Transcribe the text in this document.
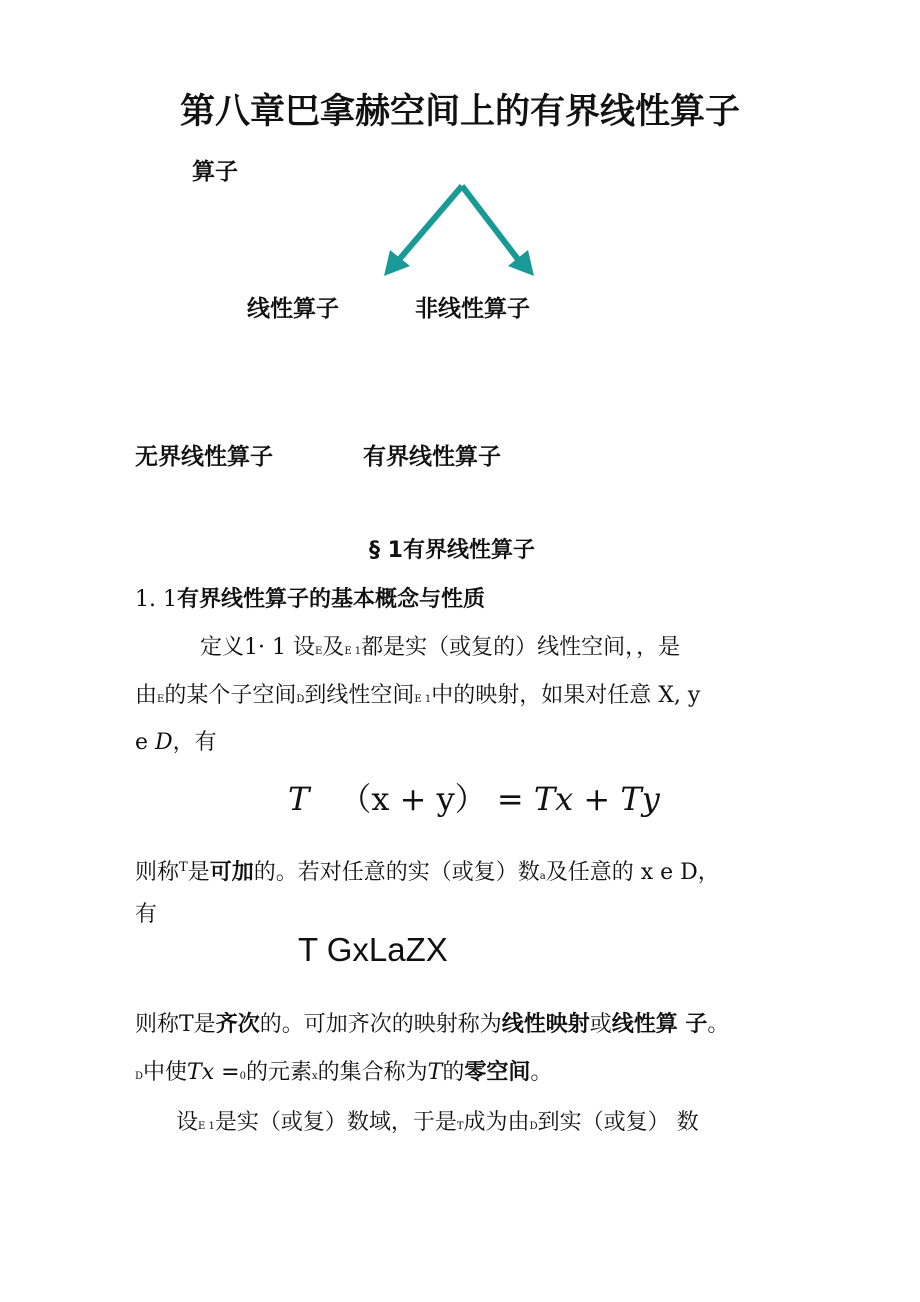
第八章巴拿赫空间上的有界线性算子
算子
线性算子	非线性算子
无界线性算子	有界线性算子
§ 1有界线性算子
1. 1有界线性算子的基本概念与性质
定义1· 1 设E及E 1都是实（或复的）线性空间，，是
由E的某个子空间D到线性空间E 1中的映射，如果对任意 X, y
e D，有
T （x + y） = Tx + Ty
则称$^T$是可加的。若对任意的实（或复）数a及任意的 x e D，
有
T GxLaZX
则称T是齐次的。可加齐次的映射称为线性映射或线性算 子。
D中使Tx =0的元素x的集合称为T的零空间。
设E 1是实（或复）数域，于是T成为由D到实（或复） 数
